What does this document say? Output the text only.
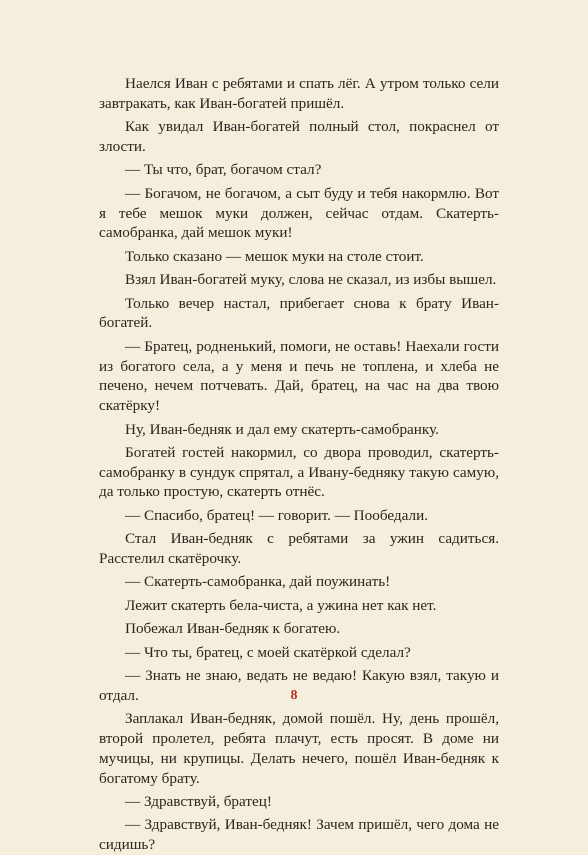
Наелся Иван с ребятами и спать лёг. А утром только сели завтракать, как Иван-богатей пришёл.

Как увидал Иван-богатей полный стол, покраснел от злости.

— Ты что, брат, богачом стал?

— Богачом, не богачом, а сыт буду и тебя накормлю. Вот я тебе мешок муки должен, сейчас отдам. Скатерть-самобранка, дай мешок муки!

Только сказано — мешок муки на столе стоит.

Взял Иван-богатей муку, слова не сказал, из избы вышел.

Только вечер настал, прибегает снова к брату Иван-богатей.

— Братец, родненький, помоги, не оставь! Наехали гости из богатого села, а у меня и печь не топлена, и хлеба не печено, нечем потчевать. Дай, братец, на час на два твою скатёрку!

Ну, Иван-бедняк и дал ему скатерть-самобранку.

Богатей гостей накормил, со двора проводил, скатерть-самобранку в сундук спрятал, а Ивану-бедняку такую самую, да только простую, скатерть отнёс.

— Спасибо, братец! — говорит. — Пообедали.

Стал Иван-бедняк с ребятами за ужин садиться. Расстелил скатёрочку.

— Скатерть-самобранка, дай поужинать!

Лежит скатерть бела-чиста, а ужина нет как нет.

Побежал Иван-бедняк к богатею.

— Что ты, братец, с моей скатёркой сделал?

— Знать не знаю, ведать не ведаю! Какую взял, такую и отдал.

Заплакал Иван-бедняк, домой пошёл. Ну, день прошёл, второй пролетел, ребята плачут, есть просят. В доме ни мучицы, ни крупицы. Делать нечего, пошёл Иван-бедняк к богатому брату.

— Здравствуй, братец!

— Здравствуй, Иван-бедняк! Зачем пришёл, чего дома не сидишь?

8
